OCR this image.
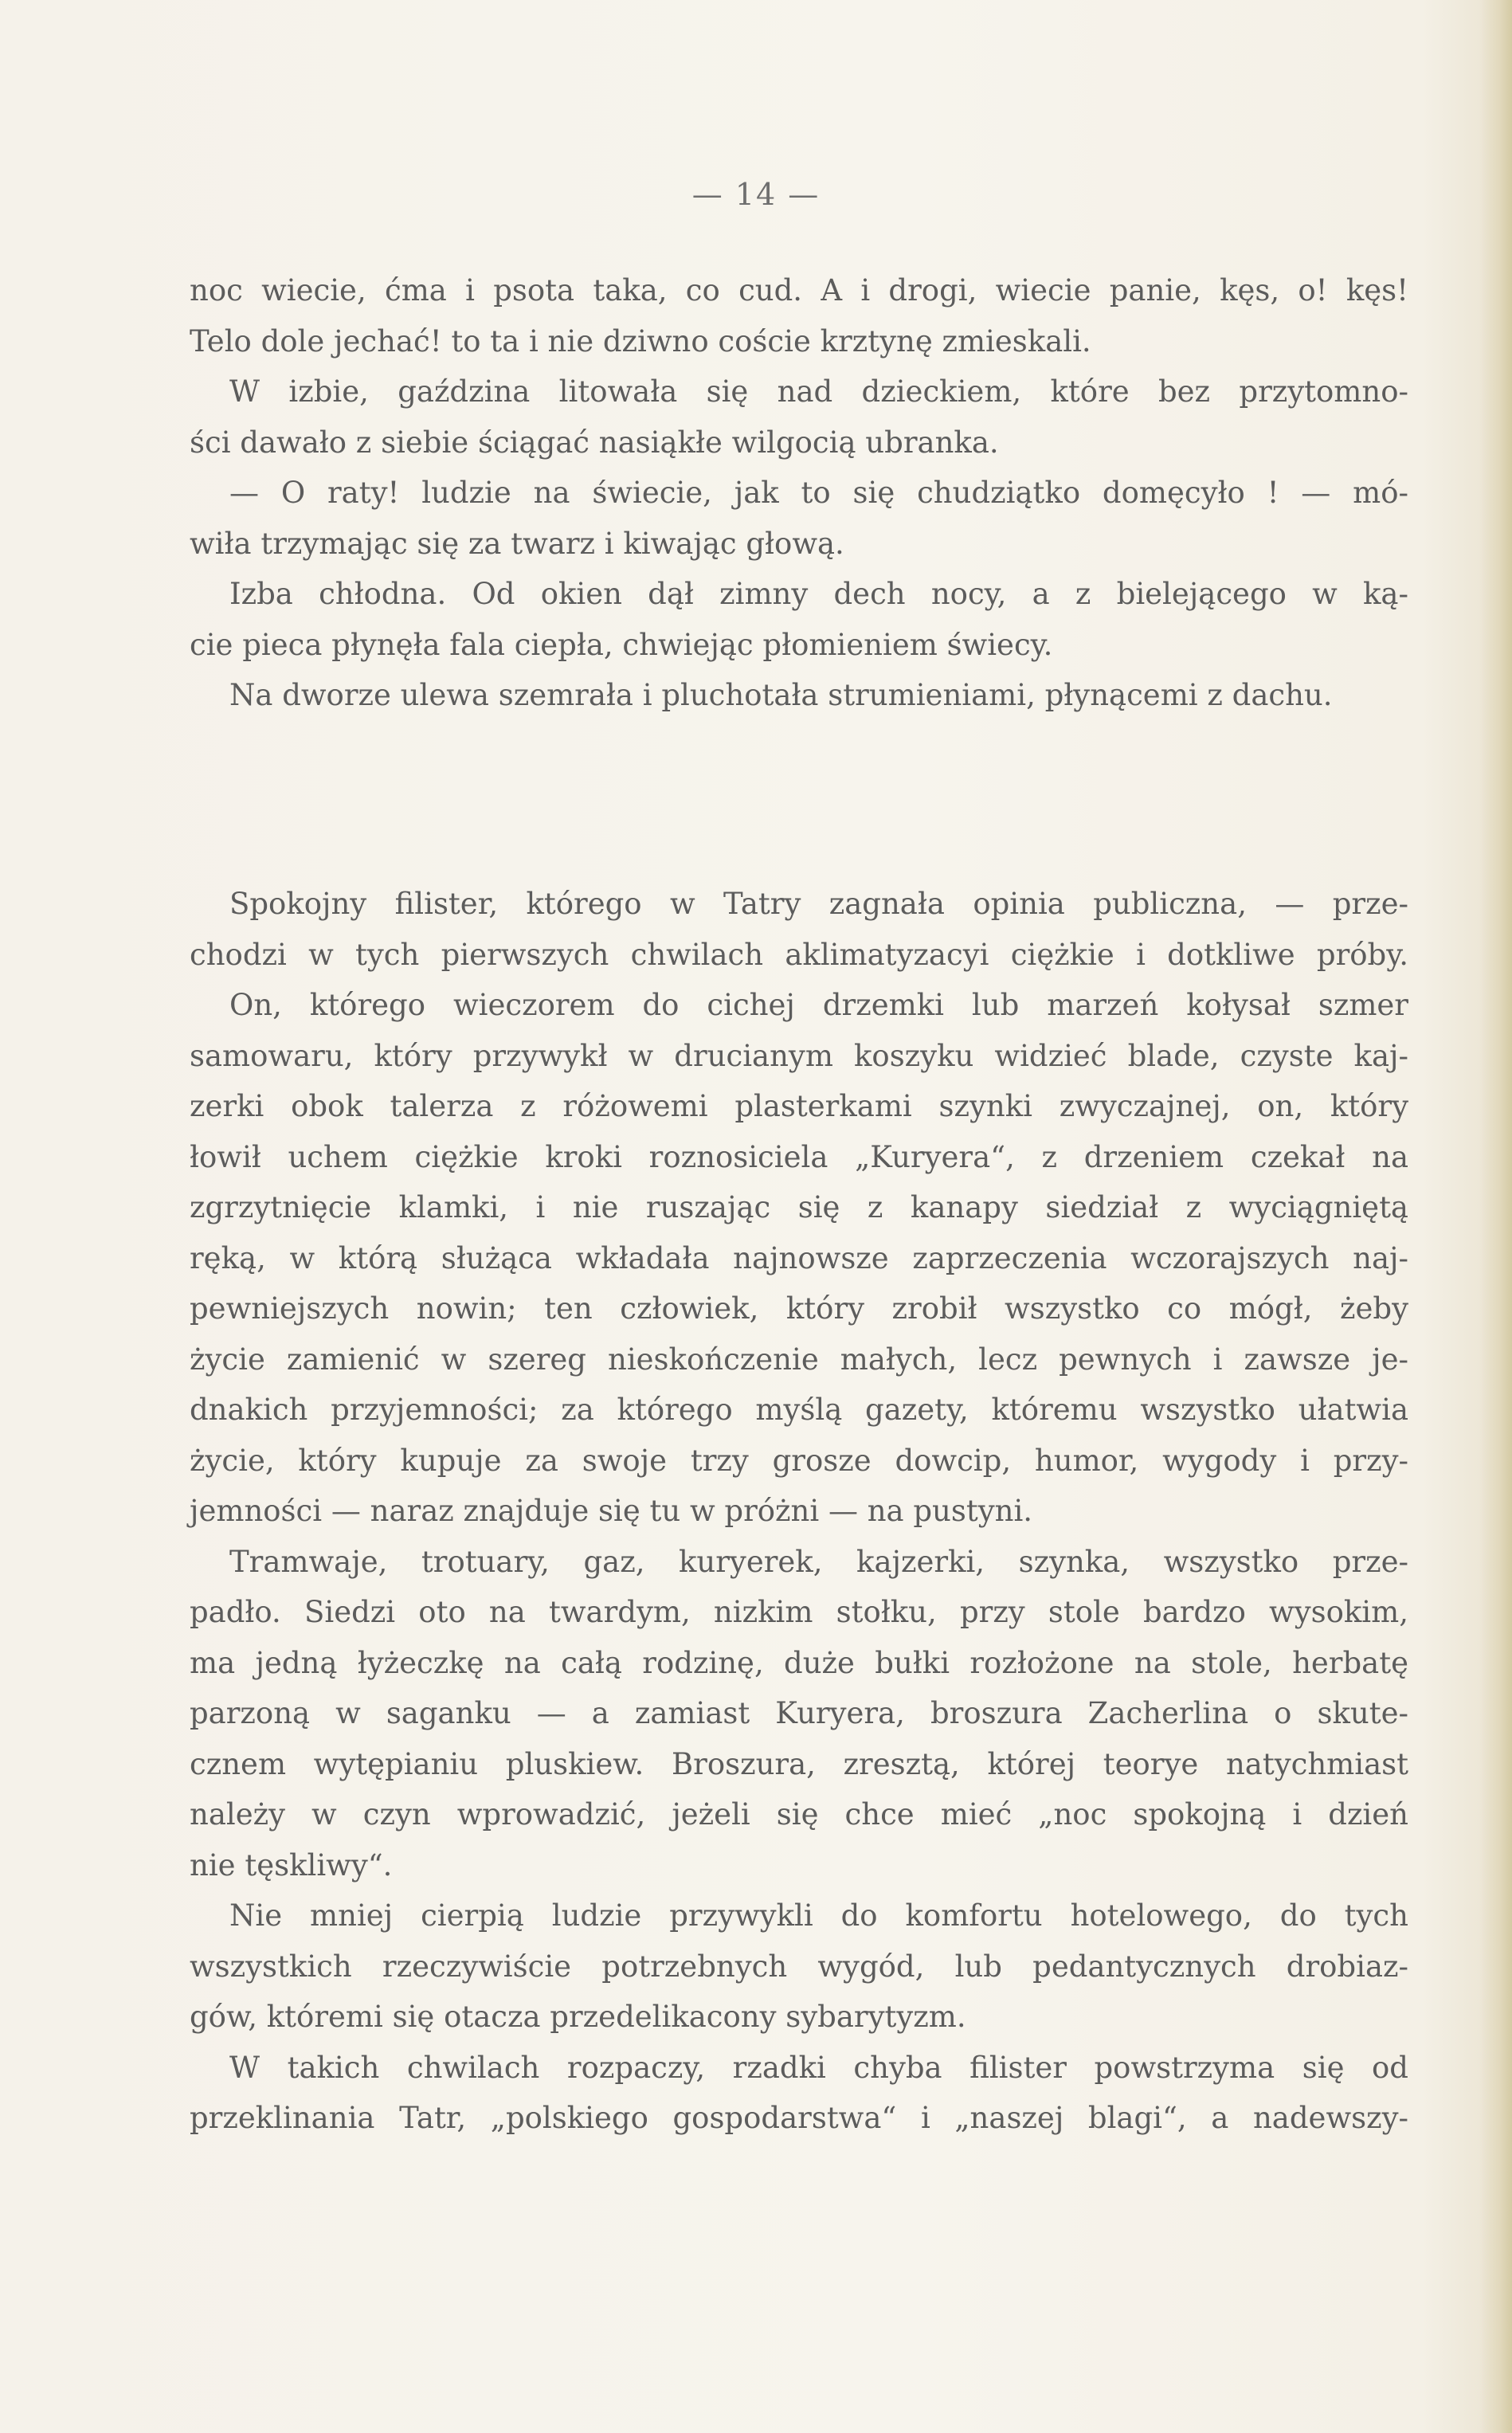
— 14 —
noc wiecie, ćma i psota taka, co cud. A i drogi, wiecie panie, kęs, o! kęs!
Telo dole jechać! to ta i nie dziwno coście krztynę zmieskali.
W izbie, gaździna litowała się nad dzieckiem, które bez przytomno-
ści dawało z siebie ściągać nasiąkłe wilgocią ubranka.
— O raty! ludzie na świecie, jak to się chudziątko domęcyło ! — mó-
wiła trzymając się za twarz i kiwając głową.
Izba chłodna. Od okien dął zimny dech nocy, a z bielejącego w ką-
cie pieca płynęła fala ciepła, chwiejąc płomieniem świecy.
Na dworze ulewa szemrała i pluchotała strumieniami, płynącemi z dachu.
Spokojny filister, którego w Tatry zagnała opinia publiczna, — prze-
chodzi w tych pierwszych chwilach aklimatyzacyi ciężkie i dotkliwe próby.
On, którego wieczorem do cichej drzemki lub marzeń kołysał szmer
samowaru, który przywykł w drucianym koszyku widzieć blade, czyste kaj-
zerki obok talerza z różowemi plasterkami szynki zwyczajnej, on, który
łowił uchem ciężkie kroki roznosiciela „Kuryera“, z drzeniem czekał na
zgrzytnięcie klamki, i nie ruszając się z kanapy siedział z wyciągniętą
ręką, w którą służąca wkładała najnowsze zaprzeczenia wczorajszych naj-
pewniejszych nowin; ten człowiek, który zrobił wszystko co mógł, żeby
życie zamienić w szereg nieskończenie małych, lecz pewnych i zawsze je-
dnakich przyjemności; za którego myślą gazety, któremu wszystko ułatwia
życie, który kupuje za swoje trzy grosze dowcip, humor, wygody i przy-
jemności — naraz znajduje się tu w próżni — na pustyni.
Tramwaje, trotuary, gaz, kuryerek, kajzerki, szynka, wszystko prze-
padło. Siedzi oto na twardym, nizkim stołku, przy stole bardzo wysokim,
ma jedną łyżeczkę na całą rodzinę, duże bułki rozłożone na stole, herbatę
parzoną w saganku — a zamiast Kuryera, broszura Zacherlina o skute-
cznem wytępianiu pluskiew. Broszura, zresztą, której teorye natychmiast
należy w czyn wprowadzić, jeżeli się chce mieć „noc spokojną i dzień
nie tęskliwy“.
Nie mniej cierpią ludzie przywykli do komfortu hotelowego, do tych
wszystkich rzeczywiście potrzebnych wygód, lub pedantycznych drobiaz-
gów, któremi się otacza przedelikacony sybarytyzm.
W takich chwilach rozpaczy, rzadki chyba filister powstrzyma się od
przeklinania Tatr, „polskiego gospodarstwa“ i „naszej blagi“, a nadewszy-
